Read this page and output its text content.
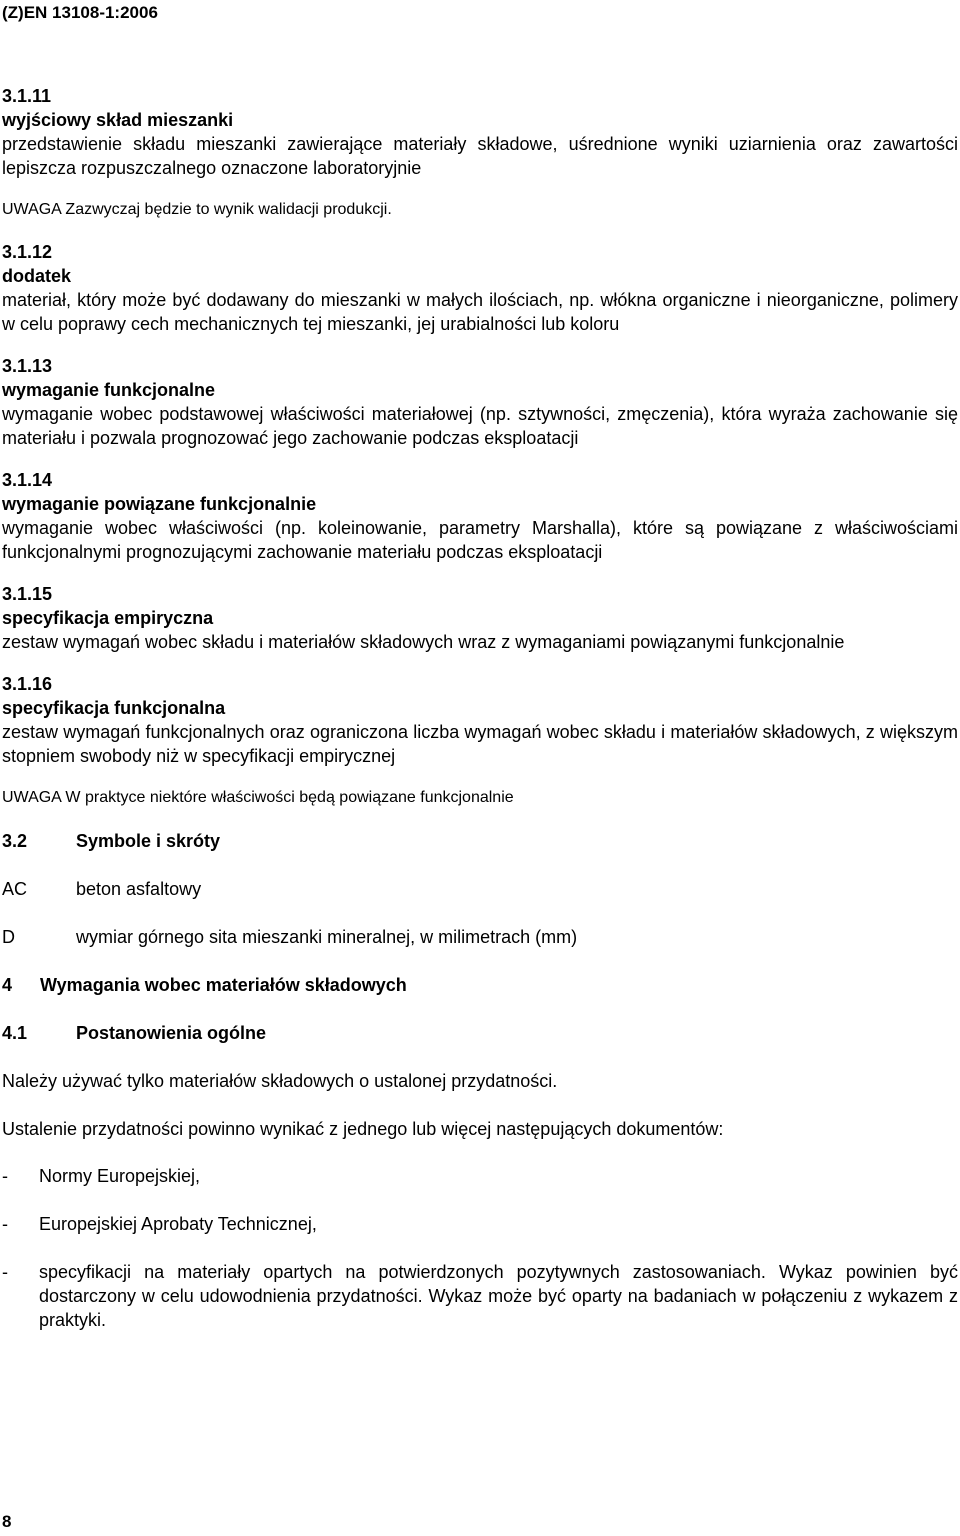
(Z)EN 13108-1:2006
3.1.11
wyjściowy skład mieszanki
przedstawienie składu mieszanki zawierające materiały składowe, uśrednione wyniki uziarnienia oraz zawartości lepiszcza rozpuszczalnego oznaczone laboratoryjnie
UWAGA Zazwyczaj będzie to wynik walidacji produkcji.
3.1.12
dodatek
materiał, który może być dodawany do mieszanki w małych ilościach, np. włókna organiczne i nieorganiczne, polimery w celu poprawy cech mechanicznych tej mieszanki, jej urabialności lub koloru
3.1.13
wymaganie funkcjonalne
wymaganie wobec podstawowej właściwości materiałowej (np. sztywności, zmęczenia), która wyraża zachowanie się materiału i pozwala prognozować jego zachowanie podczas eksploatacji
3.1.14
wymaganie powiązane funkcjonalnie
wymaganie wobec właściwości (np. koleinowanie, parametry Marshalla), które są powiązane z właściwościami funkcjonalnymi prognozującymi zachowanie materiału podczas eksploatacji
3.1.15
specyfikacja empiryczna
zestaw wymagań wobec składu i materiałów składowych wraz z wymaganiami powiązanymi funkcjonalnie
3.1.16
specyfikacja funkcjonalna
zestaw wymagań funkcjonalnych oraz ograniczona liczba wymagań wobec składu i materiałów składowych, z większym stopniem swobody niż w specyfikacji empirycznej
UWAGA W praktyce niektóre właściwości będą powiązane funkcjonalnie
3.2	Symbole i skróty
AC	beton asfaltowy
D	wymiar górnego sita mieszanki mineralnej, w milimetrach (mm)
4	Wymagania wobec materiałów składowych
4.1	Postanowienia ogólne
Należy używać tylko materiałów składowych o ustalonej przydatności.
Ustalenie przydatności powinno wynikać z jednego lub więcej następujących dokumentów:
-	Normy Europejskiej,
-	Europejskiej Aprobaty Technicznej,
-	specyfikacji na materiały opartych na potwierdzonych pozytywnych zastosowaniach. Wykaz powinien być dostarczony w celu udowodnienia przydatności. Wykaz może być oparty na badaniach w połączeniu z wykazem z praktyki.
8
